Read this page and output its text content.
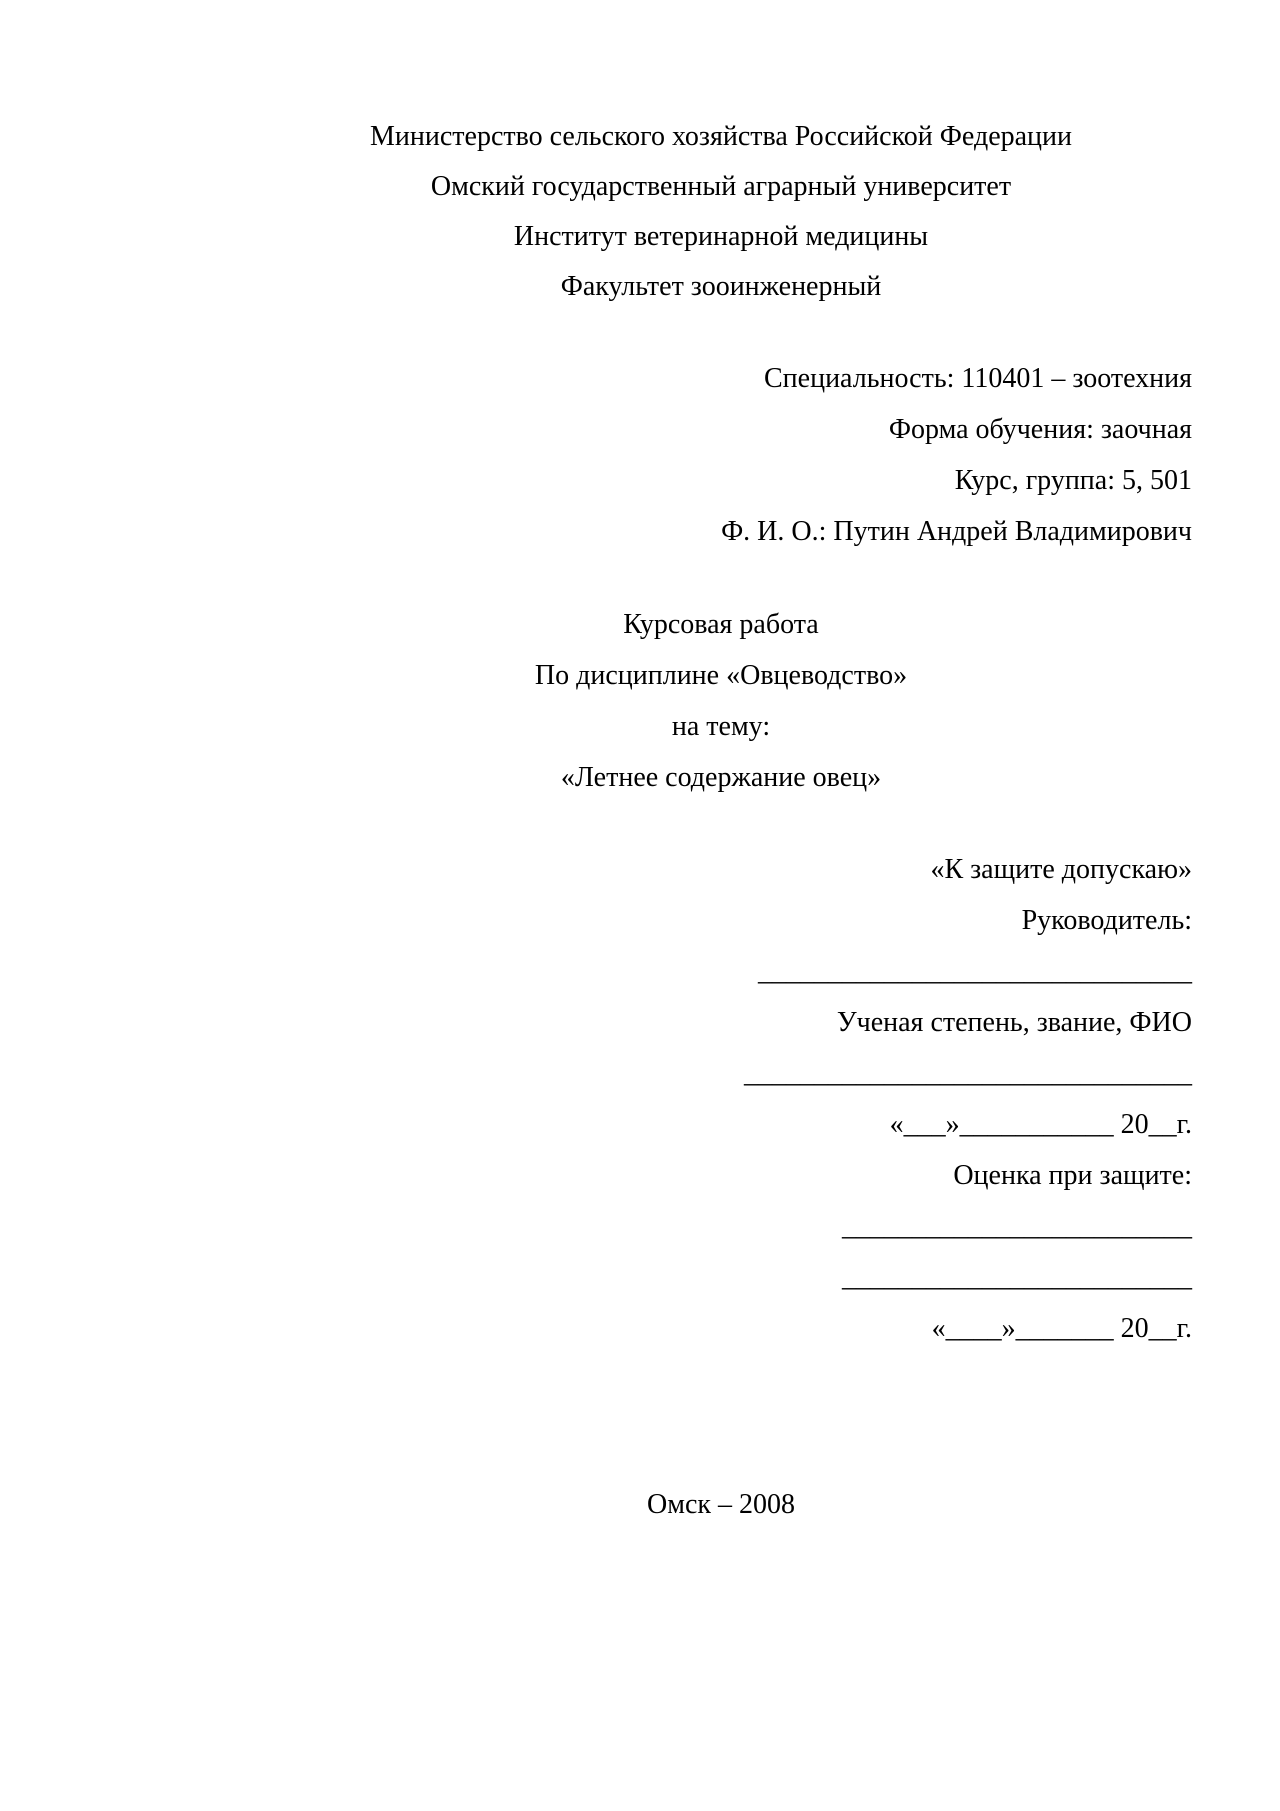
Министерство сельского хозяйства Российской Федерации
Омский государственный аграрный университет
Институт ветеринарной медицины
Факультет зооинженерный
Специальность: 110401 – зоотехния
Форма обучения: заочная
Курс, группа: 5, 501
Ф. И. О.: Путин Андрей Владимирович
Курсовая работа
По дисциплине «Овцеводство»
на тему:
«Летнее содержание овец»
«К защите допускаю»
Руководитель:
_______________________________
Ученая степень, звание, ФИО
________________________________
«___»___________ 20__г.
Оценка при защите:
_________________________
_________________________
«____»_______ 20__г.
Омск – 2008
